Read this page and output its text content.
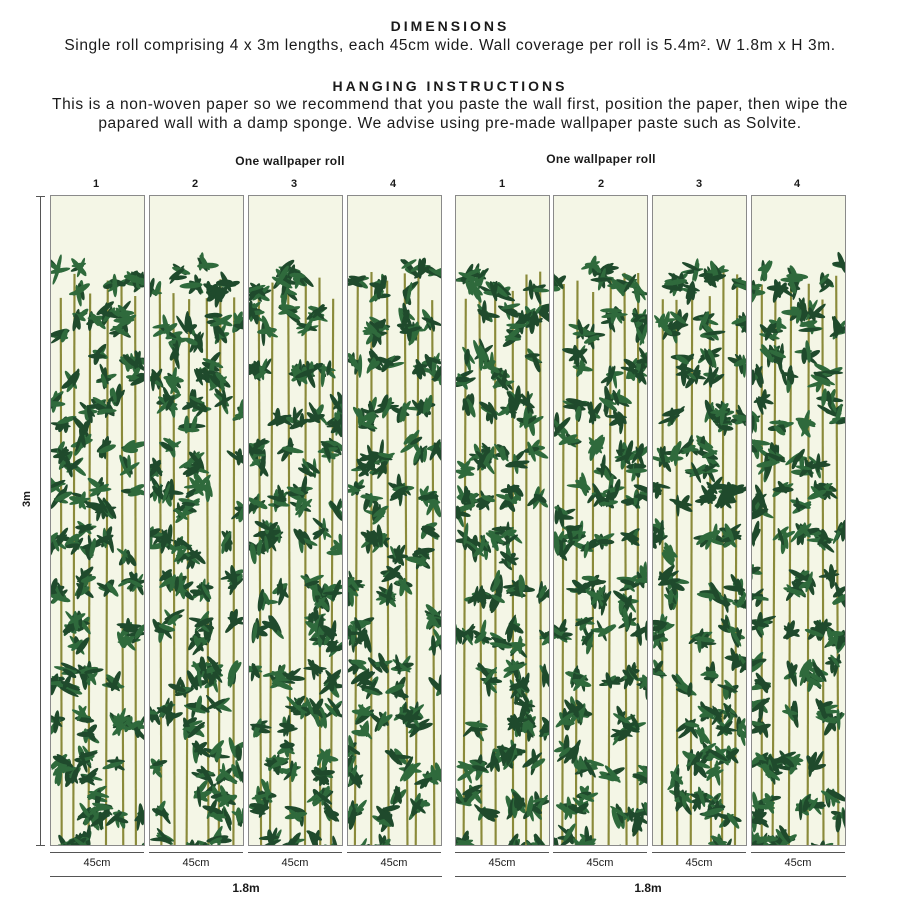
DIMENSIONS
Single roll comprising 4 x 3m lengths, each 45cm wide. Wall coverage per roll is 5.4m². W 1.8m x H 3m.
HANGING INSTRUCTIONS
This is a non-woven paper so we recommend that you paste the wall first, position the paper, then wipe the papared wall with a damp sponge. We advise using pre-made wallpaper paste such as Solvite.
3m
One wallpaper roll
1	2	3	4
45cm	45cm	45cm	45cm
1.8m
One wallpaper roll
1	2	3	4
45cm	45cm	45cm	45cm
1.8m
